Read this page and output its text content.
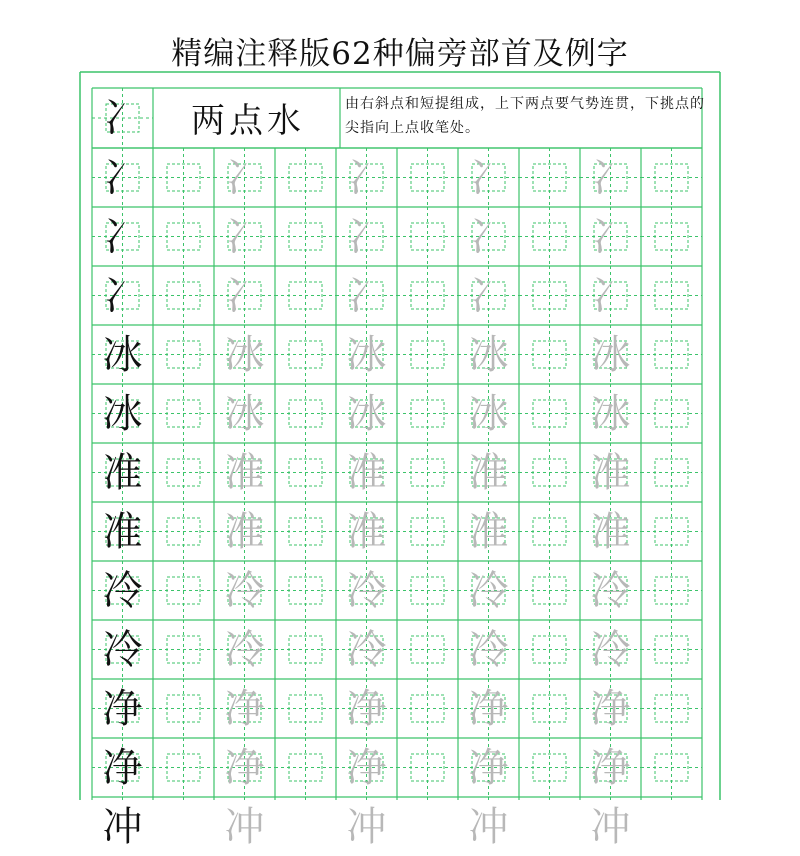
精编注释版62种偏旁部首及例字
两点水	由右斜点和短提组成，上下两点要气势连贯，下挑点的尖指向上点收笔处。
冫
冫 冫 冫 冫 冫
冫 冫 冫 冫 冫
冫 冫 冫 冫 冫
冰 冰 冰 冰 冰
冰 冰 冰 冰 冰
准 准 准 准 准
准 准 准 准 准
冷 冷 冷 冷 冷
冷 冷 冷 冷 冷
净 净 净 净 净
净 净 净 净 净
冲 冲 冲 冲 冲
